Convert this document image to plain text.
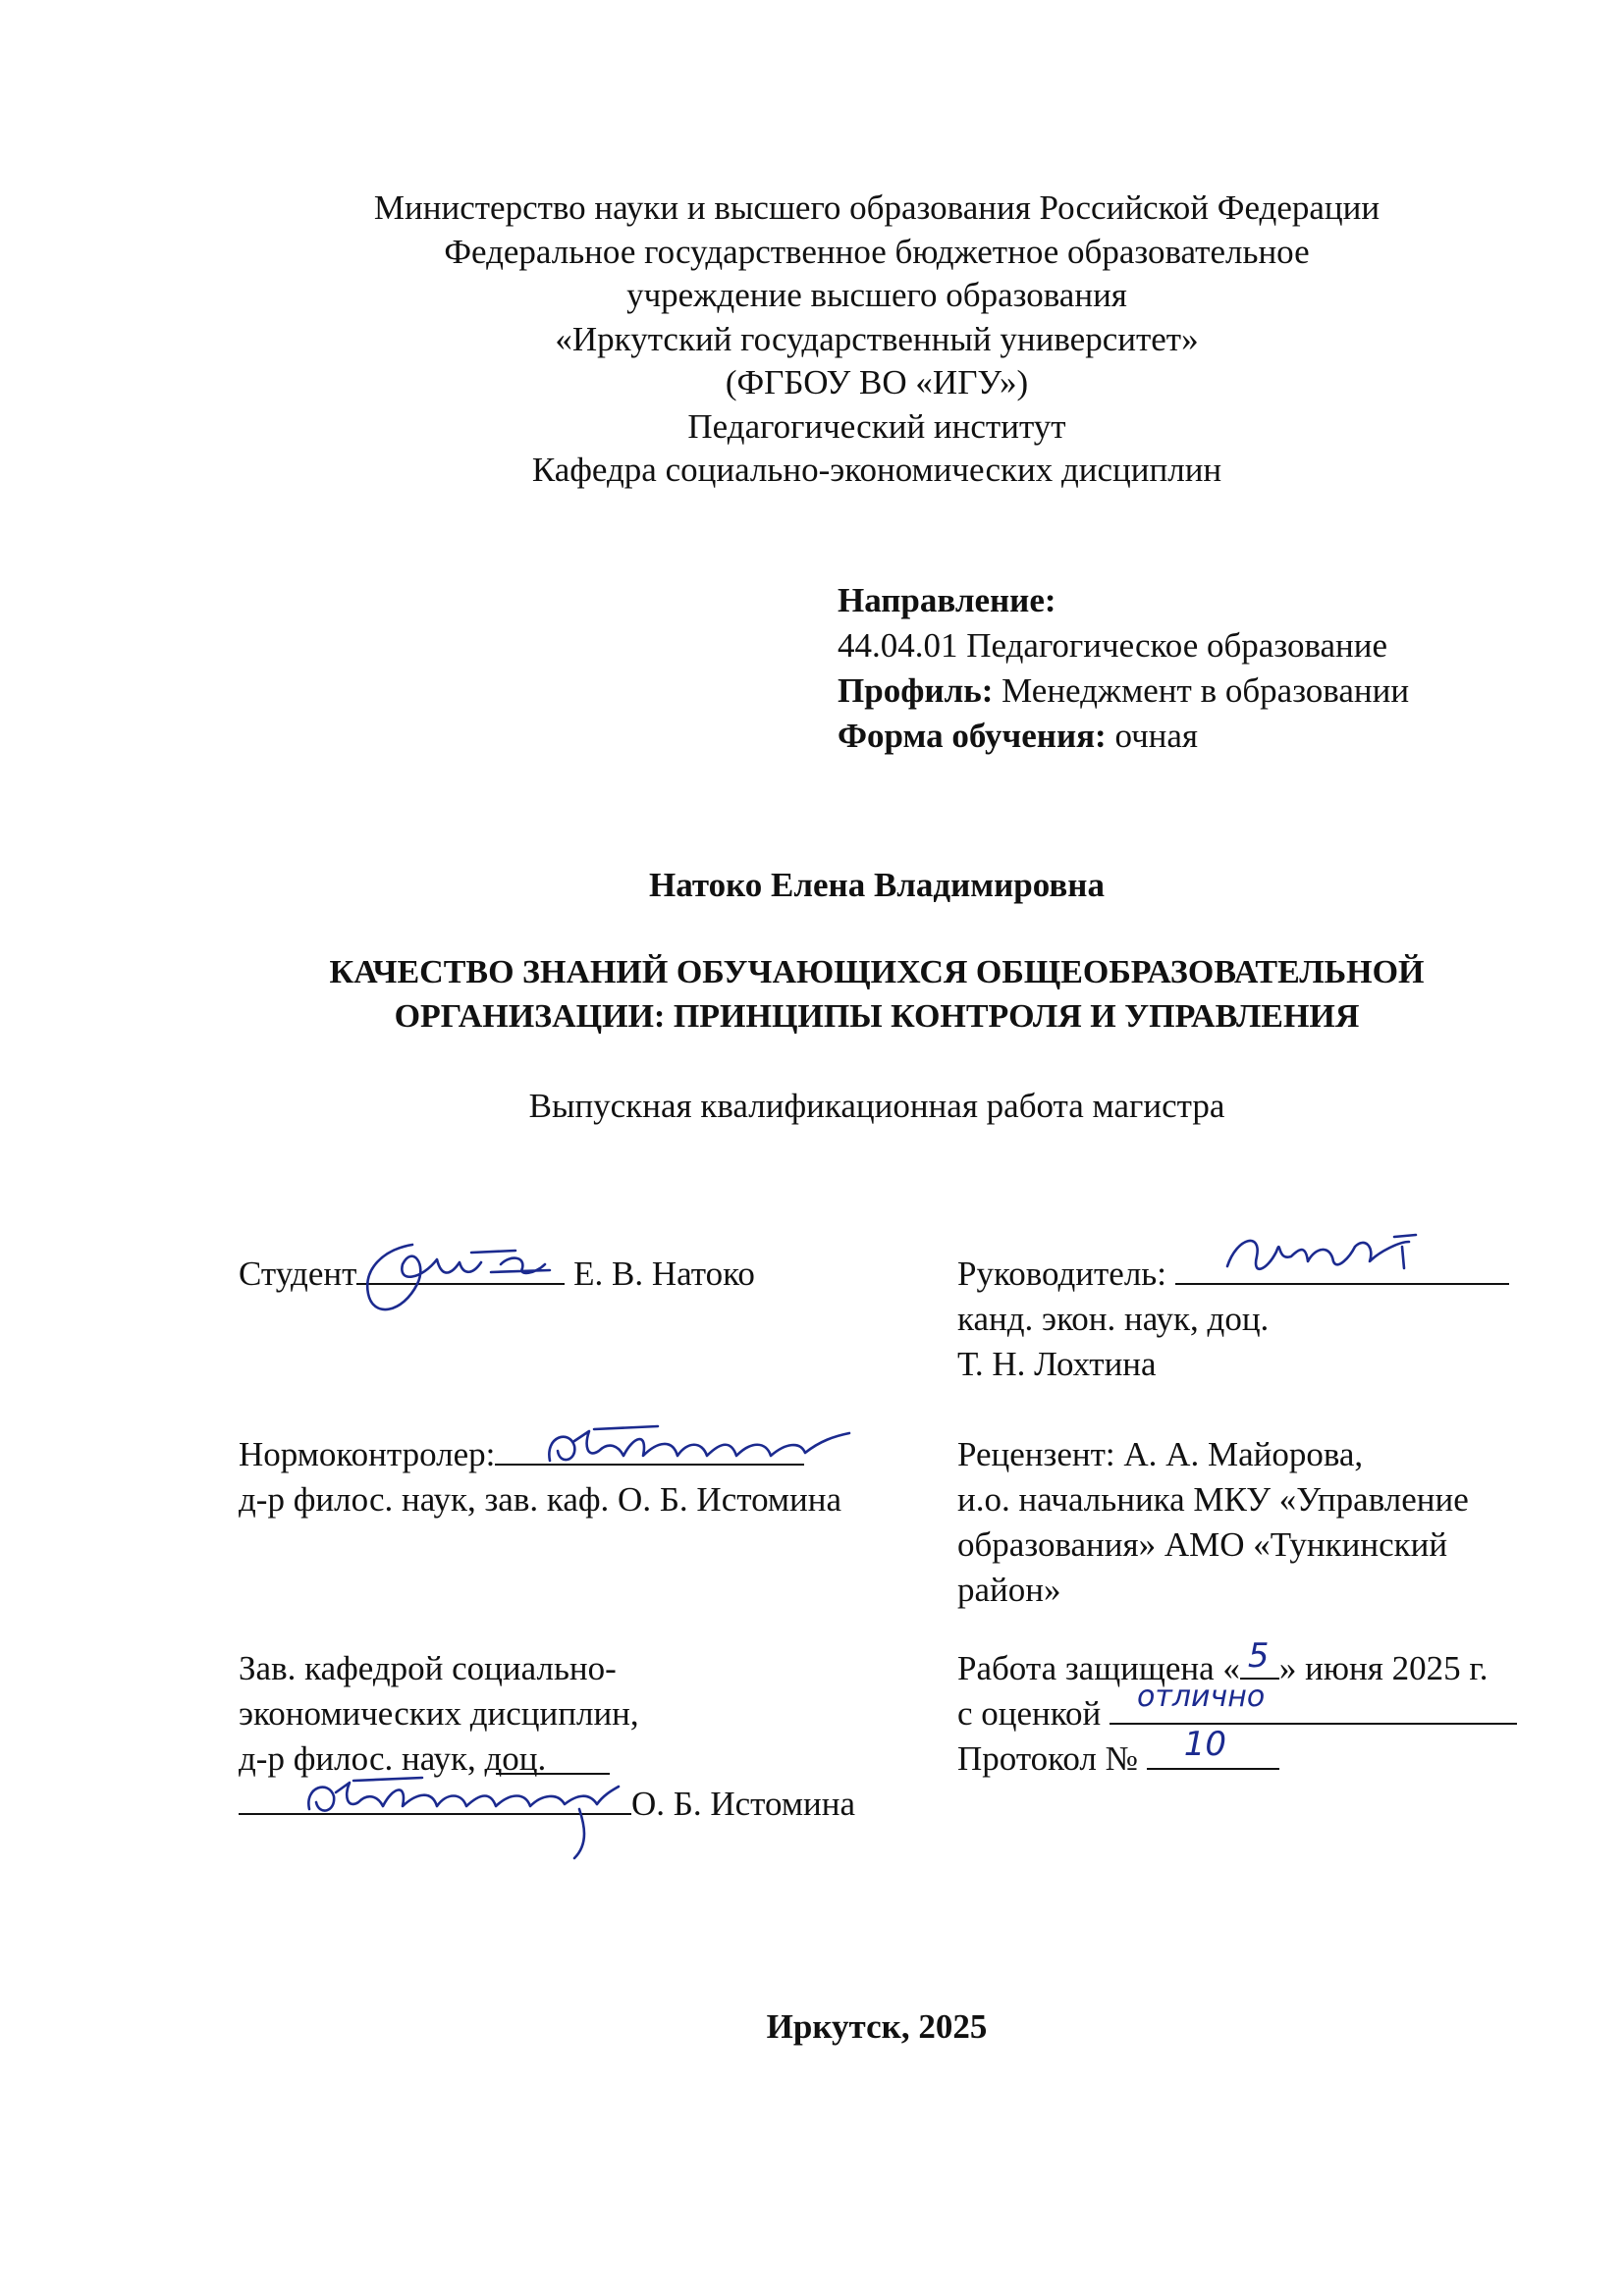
Министерство науки и высшего образования Российской Федерации
Федеральное государственное бюджетное образовательное
учреждение высшего образования
«Иркутский государственный университет»
(ФГБОУ ВО «ИГУ»)
Педагогический институт
Кафедра социально-экономических дисциплин
Направление:
44.04.01 Педагогическое образование
Профиль: Менеджмент в образовании
Форма обучения: очная
Натоко Елена Владимировна
КАЧЕСТВО ЗНАНИЙ ОБУЧАЮЩИХСЯ ОБЩЕОБРАЗОВАТЕЛЬНОЙ
ОРГАНИЗАЦИИ: ПРИНЦИПЫ КОНТРОЛЯ И УПРАВЛЕНИЯ
Выпускная квалификационная работа магистра
Студент	Е. В. Натоко	Руководитель:
канд. экон. наук, доц.
Т. Н. Лохтина
Нормоконтролер:
д-р филос. наук, зав. каф. О. Б. Истомина
Рецензент: А. А. Майорова,
и.о. начальника МКУ «Управление
образования» АМО «Тункинский
район»
Зав. кафедрой социально-
экономических дисциплин,
д-р филос. наук, доц.
О. Б. Истомина
Работа защищена « 5 » июня 2025 г.
с оценкой отлично
Протокол № 10
Иркутск, 2025
